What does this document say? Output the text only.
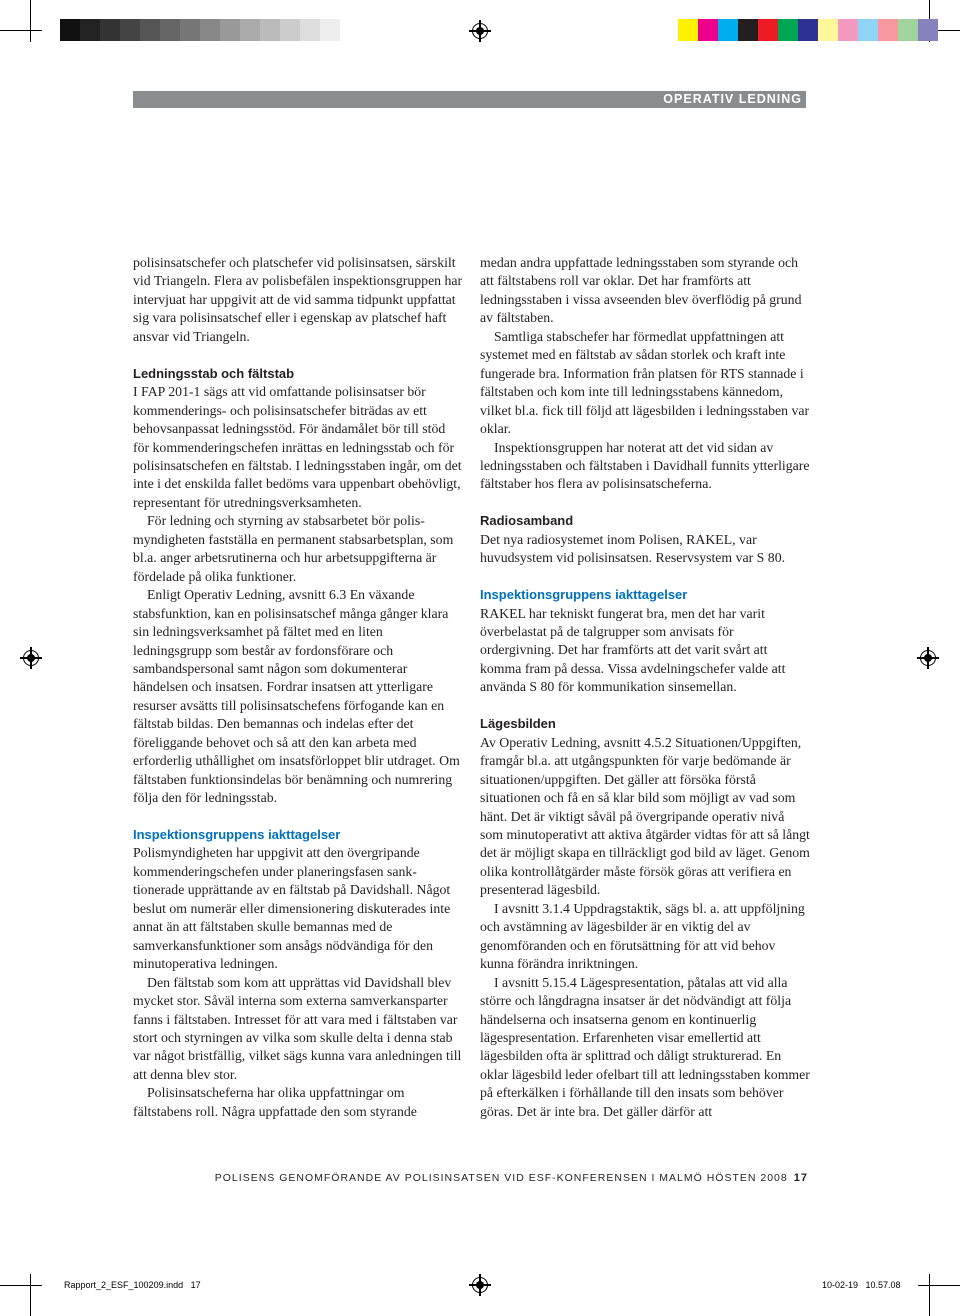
OPERATIV LEDNING

polisinsatschefer och platschefer vid polisinsatsen, särskilt vid Triangeln. Flera av polisbefälen inspektionsgruppen har intervjuat har uppgivit att de vid samma tidpunkt uppfattat sig vara polisinsatschef eller i egenskap av platschef haft ansvar vid Triangeln.

Ledningsstab och fältstab

I FAP 201-1 sägs att vid omfattande polisinsatser bör kommenderings- och polisinsatschefer biträdas av ett behovsanpassat ledningsstöd. För ändamålet bör till stöd för kommenderingschefen inrättas en ledningsstab och för polisinsatschefen en fältstab. I ledningsstaben ingår, om det inte i det enskilda fallet bedöms vara uppenbart obehövligt, representant för utredningsverksamheten.

För ledning och styrning av stabsarbetet bör polismyndigheten fastställa en permanent stabsarbetsplan, som bl.a. anger arbetsrutinerna och hur arbetsuppgifterna är fördelade på olika funktioner.

Enligt Operativ Ledning, avsnitt 6.3 En växande stabsfunktion, kan en polisinsatschef många gånger klara sin ledningsverksamhet på fältet med en liten ledningsgrupp som består av fordonsförare och sambandspersonal samt någon som dokumenterar händelsen och insatsen. Fordrar insatsen att ytterligare resurser avsätts till polisinsatschefens förfogande kan en fältstab bildas. Den bemannas och indelas efter det föreliggande behovet och så att den kan arbeta med erforderlig uthållighet om insatsförloppet blir utdraget. Om fältstaben funktionsindelas bör benämning och numrering följa den för ledningsstab.

Inspektionsgruppens iakttagelser

Polismyndigheten har uppgivit att den övergripande kommenderingschefen under planeringsfasen sanktionerade upprättande av en fältstab på Davidshall. Något beslut om numerär eller dimensionering diskuterades inte annat än att fältstaben skulle bemannas med de samverkansfunktioner som ansågs nödvändiga för den minutoperativa ledningen.

Den fältstab som kom att upprättas vid Davidshall blev mycket stor. Såväl interna som externa samverkansparter fanns i fältstaben. Intresset för att vara med i fältstaben var stort och styrningen av vilka som skulle delta i denna stab var något bristfällig, vilket sägs kunna vara anledningen till att denna blev stor.

Polisinsatscheferna har olika uppfattningar om fältstabens roll. Några uppfattade den som styrande

medan andra uppfattade ledningsstaben som styrande och att fältstabens roll var oklar. Det har framförts att ledningsstaben i vissa avseenden blev överflödig på grund av fältstaben.

Samtliga stabschefer har förmedlat uppfattningen att systemet med en fältstab av sådan storlek och kraft inte fungerade bra. Information från platsen för RTS stannade i fältstaben och kom inte till ledningsstabens kännedom, vilket bl.a. fick till följd att lägesbilden i ledningsstaben var oklar.

Inspektionsgruppen har noterat att det vid sidan av ledningsstaben och fältstaben i Davidhall funnits ytterligare fältstaber hos flera av polisinsatscheferna.

Radiosamband

Det nya radiosystemet inom Polisen, RAKEL, var huvudsystem vid polisinsatsen. Reservsystem var S 80.

Inspektionsgruppens iakttagelser

RAKEL har tekniskt fungerat bra, men det har varit överbelastat på de talgrupper som anvisats för ordergivning. Det har framförts att det varit svårt att komma fram på dessa. Vissa avdelningschefer valde att använda S 80 för kommunikation sinsemellan.

Lägesbilden

Av Operativ Ledning, avsnitt 4.5.2 Situationen/Uppgiften, framgår bl.a. att utgångspunkten för varje bedömande är situationen/uppgiften. Det gäller att försöka förstå situationen och få en så klar bild som möjligt av vad som hänt. Det är viktigt såväl på övergripande operativ nivå som minutoperativt att aktiva åtgärder vidtas för att så långt det är möjligt skapa en tillräckligt god bild av läget. Genom olika kontrollåtgärder måste försök göras att verifiera en presenterad lägesbild.

I avsnitt 3.1.4 Uppdragstaktik, sägs bl. a. att uppföljning och avstämning av lägesbilder är en viktig del av genomföranden och en förutsättning för att vid behov kunna förändra inriktningen.

I avsnitt 5.15.4 Lägespresentation, påtalas att vid alla större och långdragna insatser är det nödvändigt att följa händelserna och insatserna genom en kontinuerlig lägespresentation. Erfarenheten visar emellertid att lägesbilden ofta är splittrad och dåligt strukturerad. En oklar lägesbild leder ofelbart till att ledningsstaben kommer på efterkälken i förhållande till den insats som behöver göras. Det är inte bra. Det gäller därför att

POLISENS GENOMFÖRANDE AV POLISINSATSEN VID ESF-KONFERENSEN I MALMÖ HÖSTEN 2008 17
Rapport_2_ESF_100209.indd   17	10-02-19   10.57.08
